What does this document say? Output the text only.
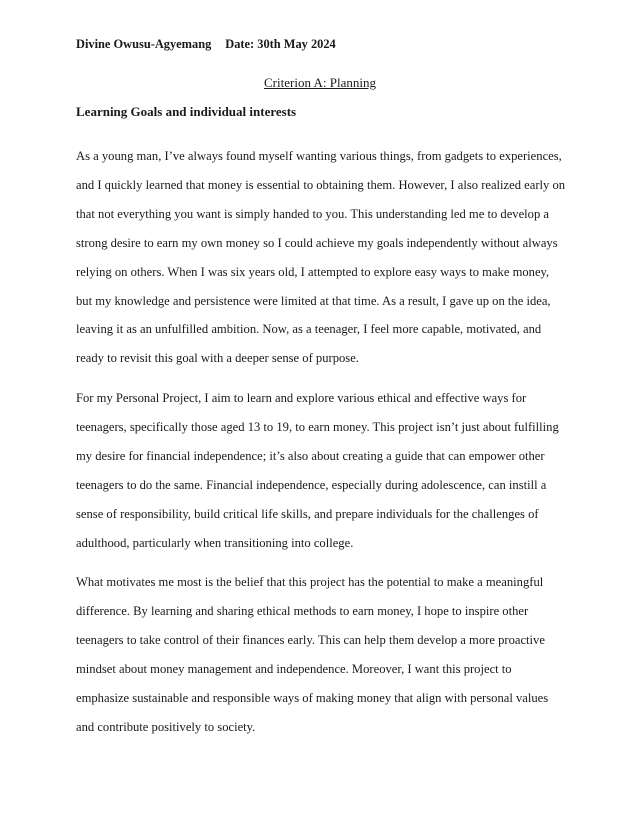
Divine Owusu-Agyemang Date: 30th May 2024
Criterion A: Planning
Learning Goals and individual interests
As a young man, I’ve always found myself wanting various things, from gadgets to experiences,
and I quickly learned that money is essential to obtaining them. However, I also realized early on
that not everything you want is simply handed to you. This understanding led me to develop a
strong desire to earn my own money so I could achieve my goals independently without always
relying on others. When I was six years old, I attempted to explore easy ways to make money,
but my knowledge and persistence were limited at that time. As a result, I gave up on the idea,
leaving it as an unfulfilled ambition. Now, as a teenager, I feel more capable, motivated, and
ready to revisit this goal with a deeper sense of purpose.
For my Personal Project, I aim to learn and explore various ethical and effective ways for
teenagers, specifically those aged 13 to 19, to earn money. This project isn’t just about fulfilling
my desire for financial independence; it’s also about creating a guide that can empower other
teenagers to do the same. Financial independence, especially during adolescence, can instill a
sense of responsibility, build critical life skills, and prepare individuals for the challenges of
adulthood, particularly when transitioning into college.
What motivates me most is the belief that this project has the potential to make a meaningful
difference. By learning and sharing ethical methods to earn money, I hope to inspire other
teenagers to take control of their finances early. This can help them develop a more proactive
mindset about money management and independence. Moreover, I want this project to
emphasize sustainable and responsible ways of making money that align with personal values
and contribute positively to society.
